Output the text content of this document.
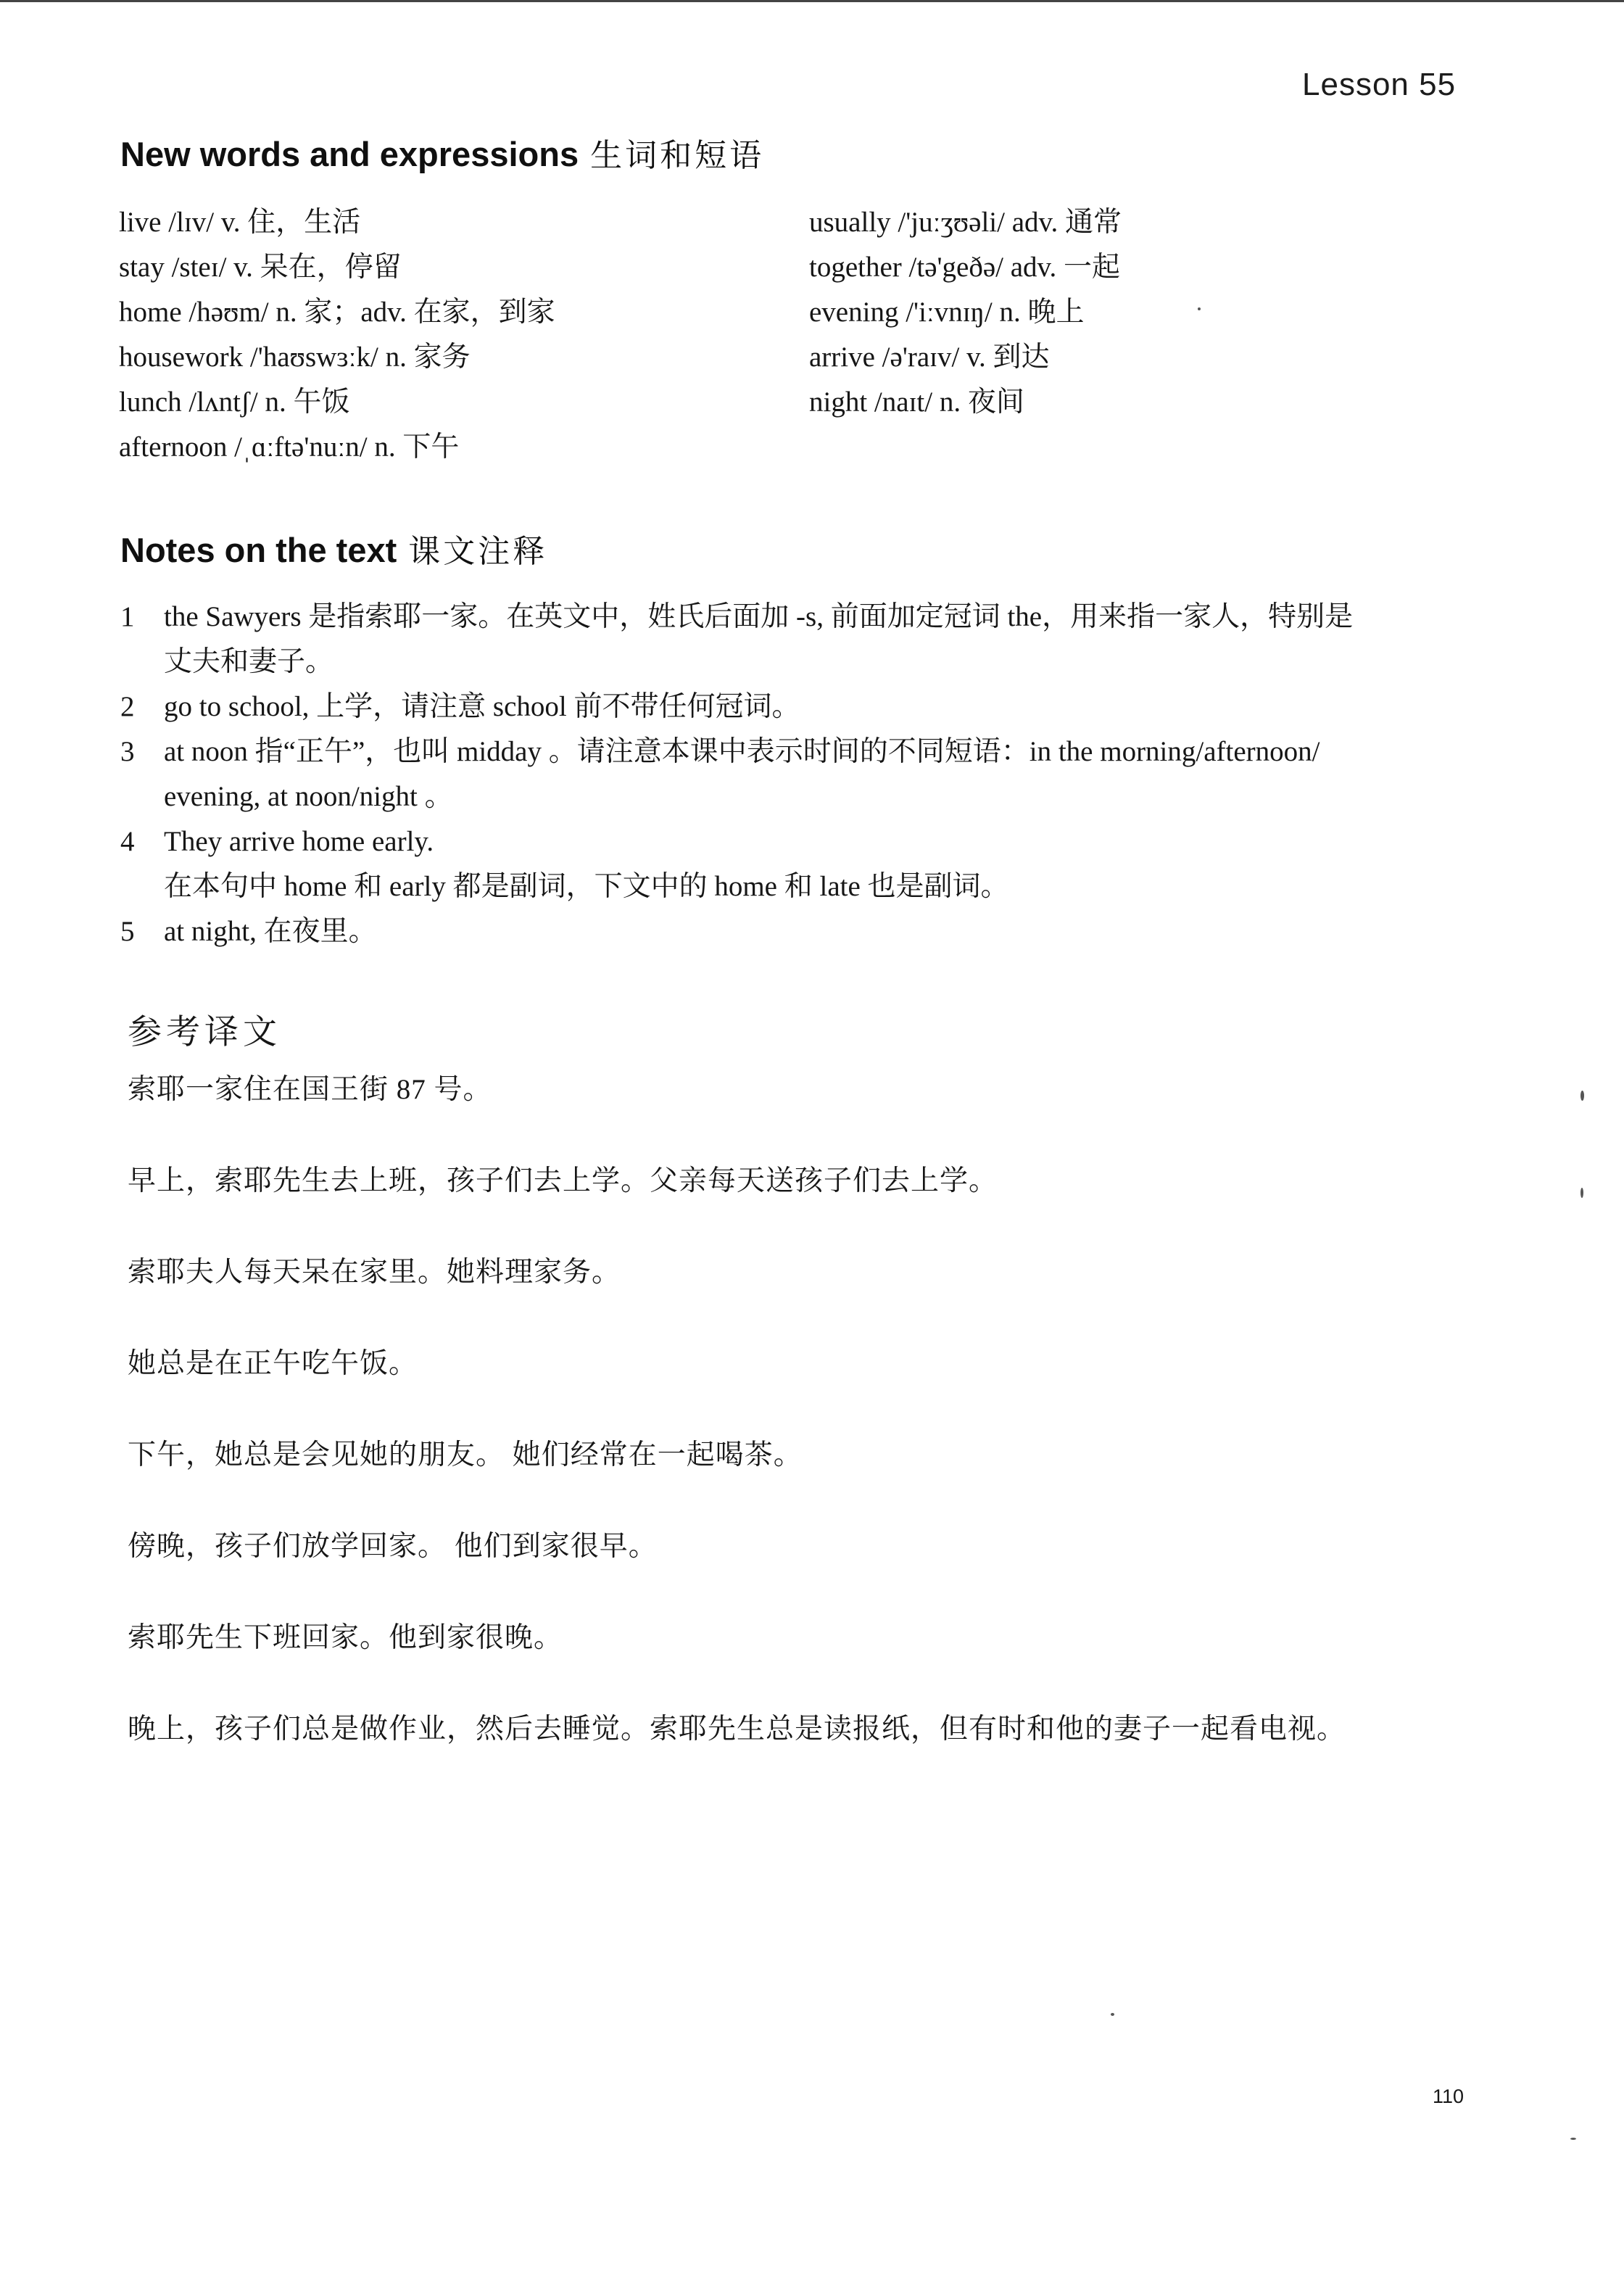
Lesson 55
New words and expressions 生词和短语
live /lɪv/ v. 住，生活
stay /steɪ/ v. 呆在，停留
home /həʊm/ n. 家；adv. 在家，到家
housework /'haʊswɜːk/ n. 家务
lunch /lʌntʃ/ n. 午饭
afternoon /ˌɑːftə'nuːn/ n. 下午
usually /'juːʒʊəli/ adv. 通常
together /tə'geðə/ adv. 一起
evening /'iːvnɪŋ/ n. 晚上
arrive /ə'raɪv/ v. 到达
night /naɪt/ n. 夜间
Notes on the text 课文注释
1 the Sawyers 是指索耶一家。在英文中，姓氏后面加 -s, 前面加定冠词 the，用来指一家人，特别是
丈夫和妻子。
2 go to school, 上学，请注意 school 前不带任何冠词。
3 at noon 指“正午”，也叫 midday 。请注意本课中表示时间的不同短语：in the morning/afternoon/
evening, at noon/night 。
4 They arrive home early.
在本句中 home 和 early 都是副词，下文中的 home 和 late 也是副词。
5 at night, 在夜里。
参考译文
索耶一家住在国王街 87 号。
早上，索耶先生去上班，孩子们去上学。父亲每天送孩子们去上学。
索耶夫人每天呆在家里。她料理家务。
她总是在正午吃午饭。
下午，她总是会见她的朋友。 她们经常在一起喝茶。
傍晚，孩子们放学回家。 他们到家很早。
索耶先生下班回家。他到家很晚。
晚上，孩子们总是做作业，然后去睡觉。索耶先生总是读报纸，但有时和他的妻子一起看电视。
110
